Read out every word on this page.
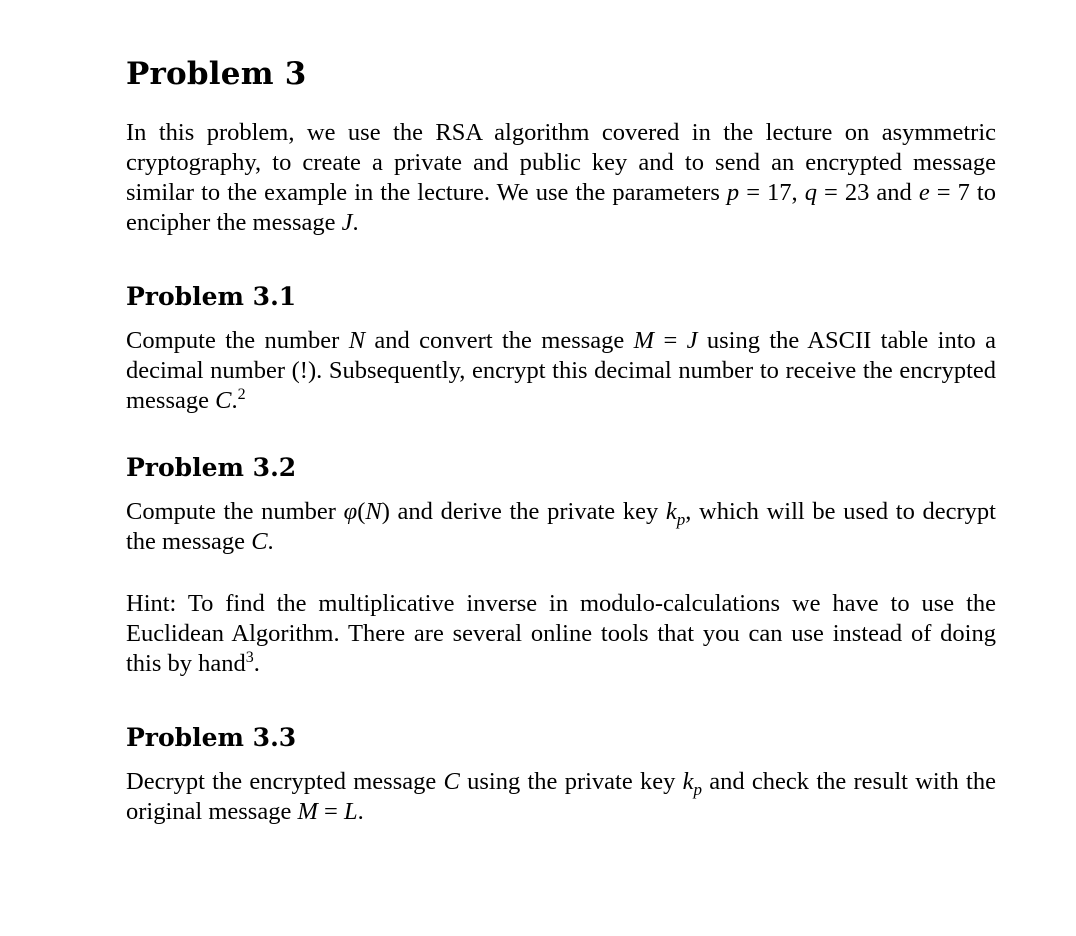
Problem 3

In this problem, we use the RSA algorithm covered in the lecture on asymmetric cryptography, to create a private and public key and to send an encrypted message similar to the example in the lecture. We use the parameters p = 17, q = 23 and e = 7 to encipher the message J.

Problem 3.1

Compute the number N and convert the message M = J using the ASCII table into a decimal number (!). Subsequently, encrypt this decimal number to receive the encrypted message C.$^2$

Problem 3.2

Compute the number φ(N) and derive the private key $k_p$, which will be used to decrypt the message C.

Hint: To find the multiplicative inverse in modulo-calculations we have to use the Euclidean Algorithm. There are several online tools that you can use instead of doing this by hand$^3$.

Problem 3.3

Decrypt the encrypted message C using the private key $k_p$ and check the result with the original message M = L.
